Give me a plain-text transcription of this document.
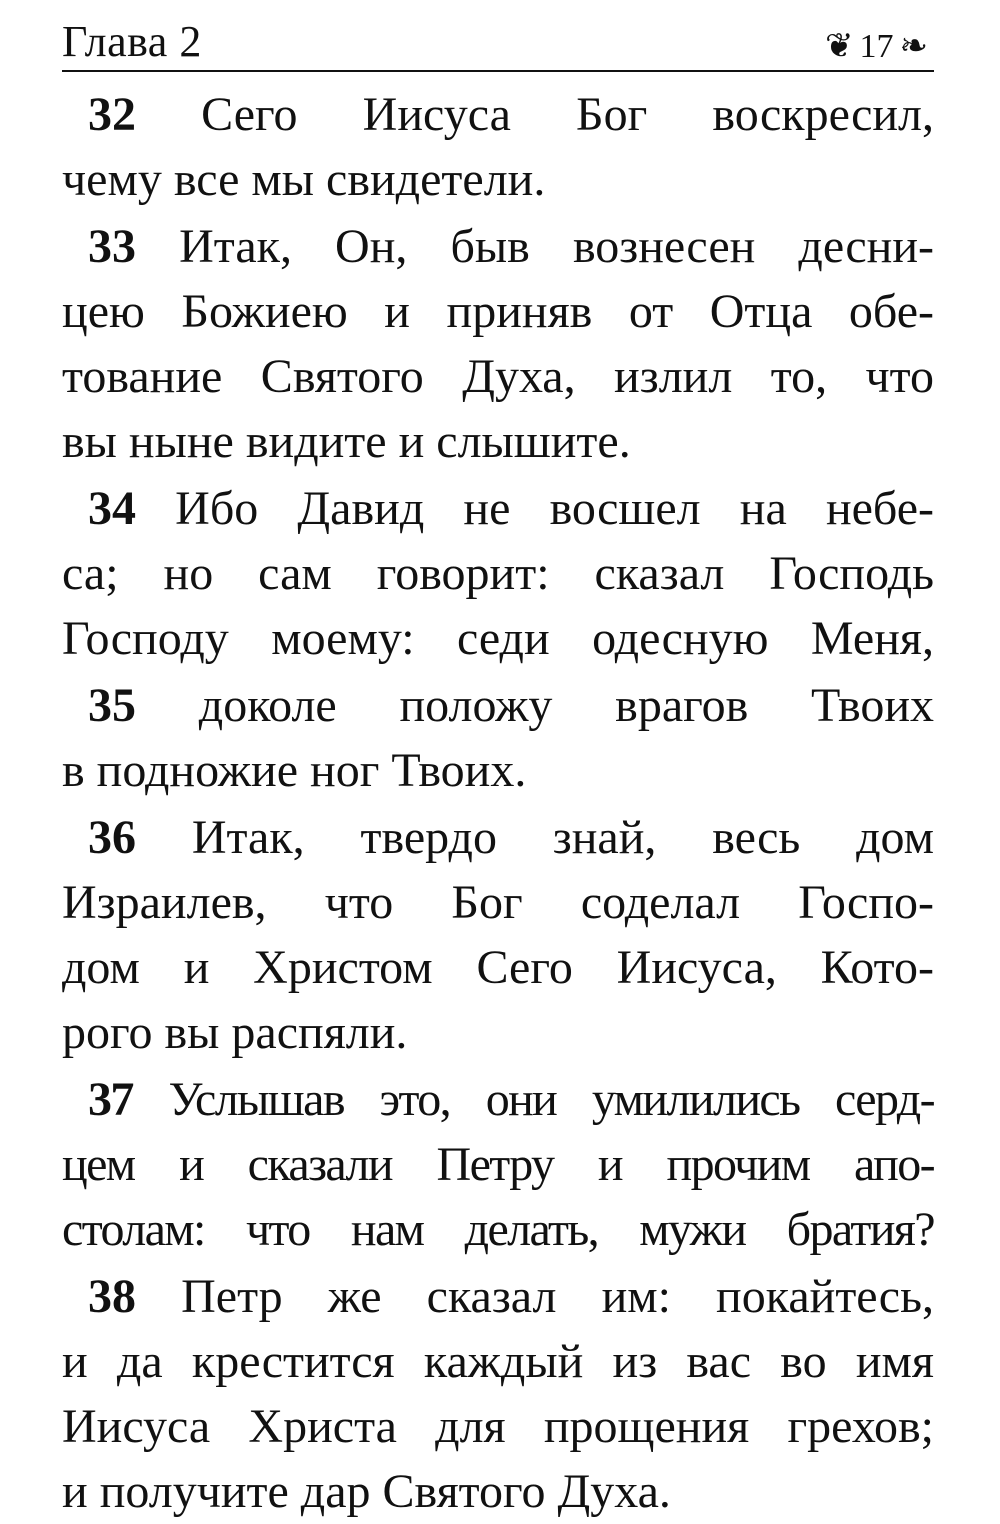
Глава 2	❦ 17 ❧
32 Сего Иисуса Бог воскресил,
чему все мы свидетели.
33 Итак, Он, быв вознесен десни-
цею Божиею и приняв от Отца обе-
тование Святого Духа, излил то, что
вы ныне видите и слышите.
34 Ибо Давид не восшел на небе-
са; но сам говорит: сказал Господь
Господу моему: седи одесную Меня,
35 доколе положу врагов Твоих
в подножие ног Твоих.
36 Итак, твердо знай, весь дом
Израилев, что Бог соделал Госпо-
дом и Христом Сего Иисуса, Кото-
рого вы распяли.
37 Услышав это, они умилились серд-
цем и сказали Петру и прочим апо-
столам: что нам делать, мужи братия?
38 Петр же сказал им: покайтесь,
и да крестится каждый из вас во имя
Иисуса Христа для прощения грехов;
и получите дар Святого Духа.
